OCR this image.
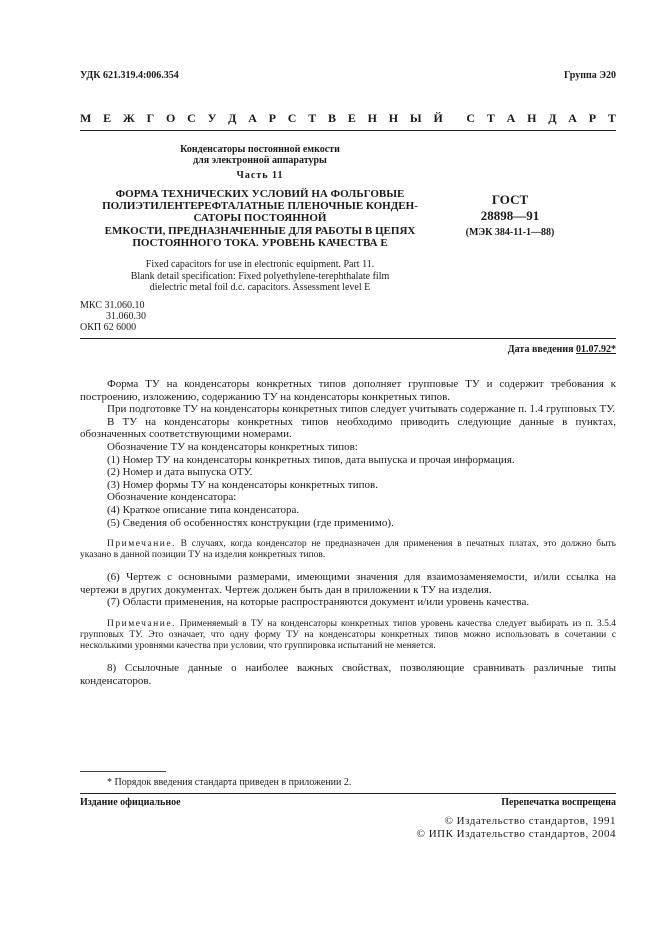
УДК 621.319.4:006.354	Группа Э20
М Е Ж Г О С У Д А Р С Т В Е Н Н Ы Й С Т А Н Д А Р Т
Конденсаторы постоянной емкости
для электронной аппаратуры
Часть 11
ФОРМА ТЕХНИЧЕСКИХ УСЛОВИЙ НА ФОЛЬГОВЫЕ
ПОЛИЭТИЛЕНТЕРЕФТАЛАТНЫЕ ПЛЕНОЧНЫЕ КОНДЕН-
САТОРЫ ПОСТОЯННОЙ
ЕМКОСТИ, ПРЕДНАЗНАЧЕННЫЕ ДЛЯ РАБОТЫ В ЦЕПЯХ
ПОСТОЯННОГО ТОКА. УРОВЕНЬ КАЧЕСТВА Е
ГОСТ
28898—91
(МЭК 384-11-1—88)
Fixed capacitors for use in electronic equipment. Part 11.
Blank detail specification: Fixed polyethylene-terephthalate film
dielectric metal foil d.c. capacitors. Assessment level E
МКС 31.060.10
31.060.30
ОКП 62 6000
Дата введения 01.07.92*

Форма ТУ на конденсаторы конкретных типов дополняет групповые ТУ и содержит требования к построению, изложению, содержанию ТУ на конденсаторы конкретных типов.

При подготовке ТУ на конденсаторы конкретных типов следует учитывать содержание п. 1.4 групповых ТУ.

В ТУ на конденсаторы конкретных типов необходимо приводить следующие данные в пунктах, обозначенных соответствующими номерами.

Обозначение ТУ на конденсаторы конкретных типов:

(1) Номер ТУ на конденсаторы конкретных типов, дата выпуска и прочая информация.

(2) Номер и дата выпуска ОТУ.

(3) Номер формы ТУ на конденсаторы конкретных типов.

Обозначение конденсатора:

(4) Краткое описание типа конденсатора.

(5) Сведения об особенностях конструкции (где применимо).

Примечание. В случаях, когда конденсатор не предназначен для применения в печатных платах, это должно быть указано в данной позиции ТУ на изделия конкретных типов.

(6) Чертеж с основными размерами, имеющими значения для взаимозаменяемости, и/или ссылка на чертежи в других документах. Чертеж должен быть дан в приложении к ТУ на изделия.

(7) Области применения, на которые распространяются документ и/или уровень качества.

Примечание. Применяемый в ТУ на конденсаторы конкретных типов уровень качества следует выбирать из п. 3.5.4 групповых ТУ. Это означает, что одну форму ТУ на конденсаторы конкретных типов можно использовать в сочетании с несколькими уровнями качества при условии, что группировка испытаний не меняется.

8) Ссылочные данные о наиболее важных свойствах, позволяющие сравнивать различные типы конденсаторов.

* Порядок введения стандарта приведен в приложении 2.
Издание официальное	Перепечатка воспрещена
© Издательство стандартов, 1991
© ИПК Издательство стандартов, 2004
